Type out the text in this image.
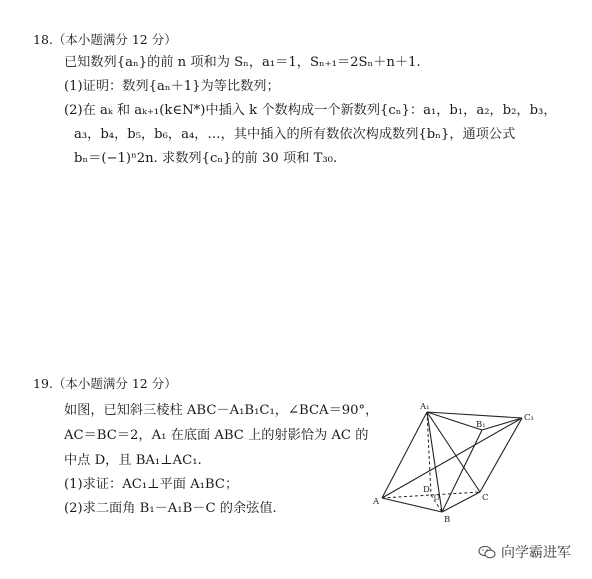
18.（本小题满分 12 分）
已知数列{aₙ}的前 n 项和为 Sₙ，a₁＝1，Sₙ₊₁＝2Sₙ＋n＋1.
(1)证明：数列{aₙ＋1}为等比数列；
(2)在 aₖ 和 aₖ₊₁(k∈N*)中插入 k 个数构成一个新数列{cₙ}：a₁，b₁，a₂，b₂，b₃，
a₃，b₄，b₅，b₆，a₄，…，其中插入的所有数依次构成数列{bₙ}，通项公式
bₙ＝(−1)ⁿ2n. 求数列{cₙ}的前 30 项和 T₃₀.
19.（本小题满分 12 分）
如图，已知斜三棱柱 ABC－A₁B₁C₁，∠BCA＝90°，
AC＝BC＝2，A₁ 在底面 ABC 上的射影恰为 AC 的
中点 D，且 BA₁⊥AC₁.
(1)求证：AC₁⊥平面 A₁BC；
(2)求二面角 B₁－A₁B－C 的余弦值.
A₁
C₁
B₁
A
B
C
D
O
向学霸进军
